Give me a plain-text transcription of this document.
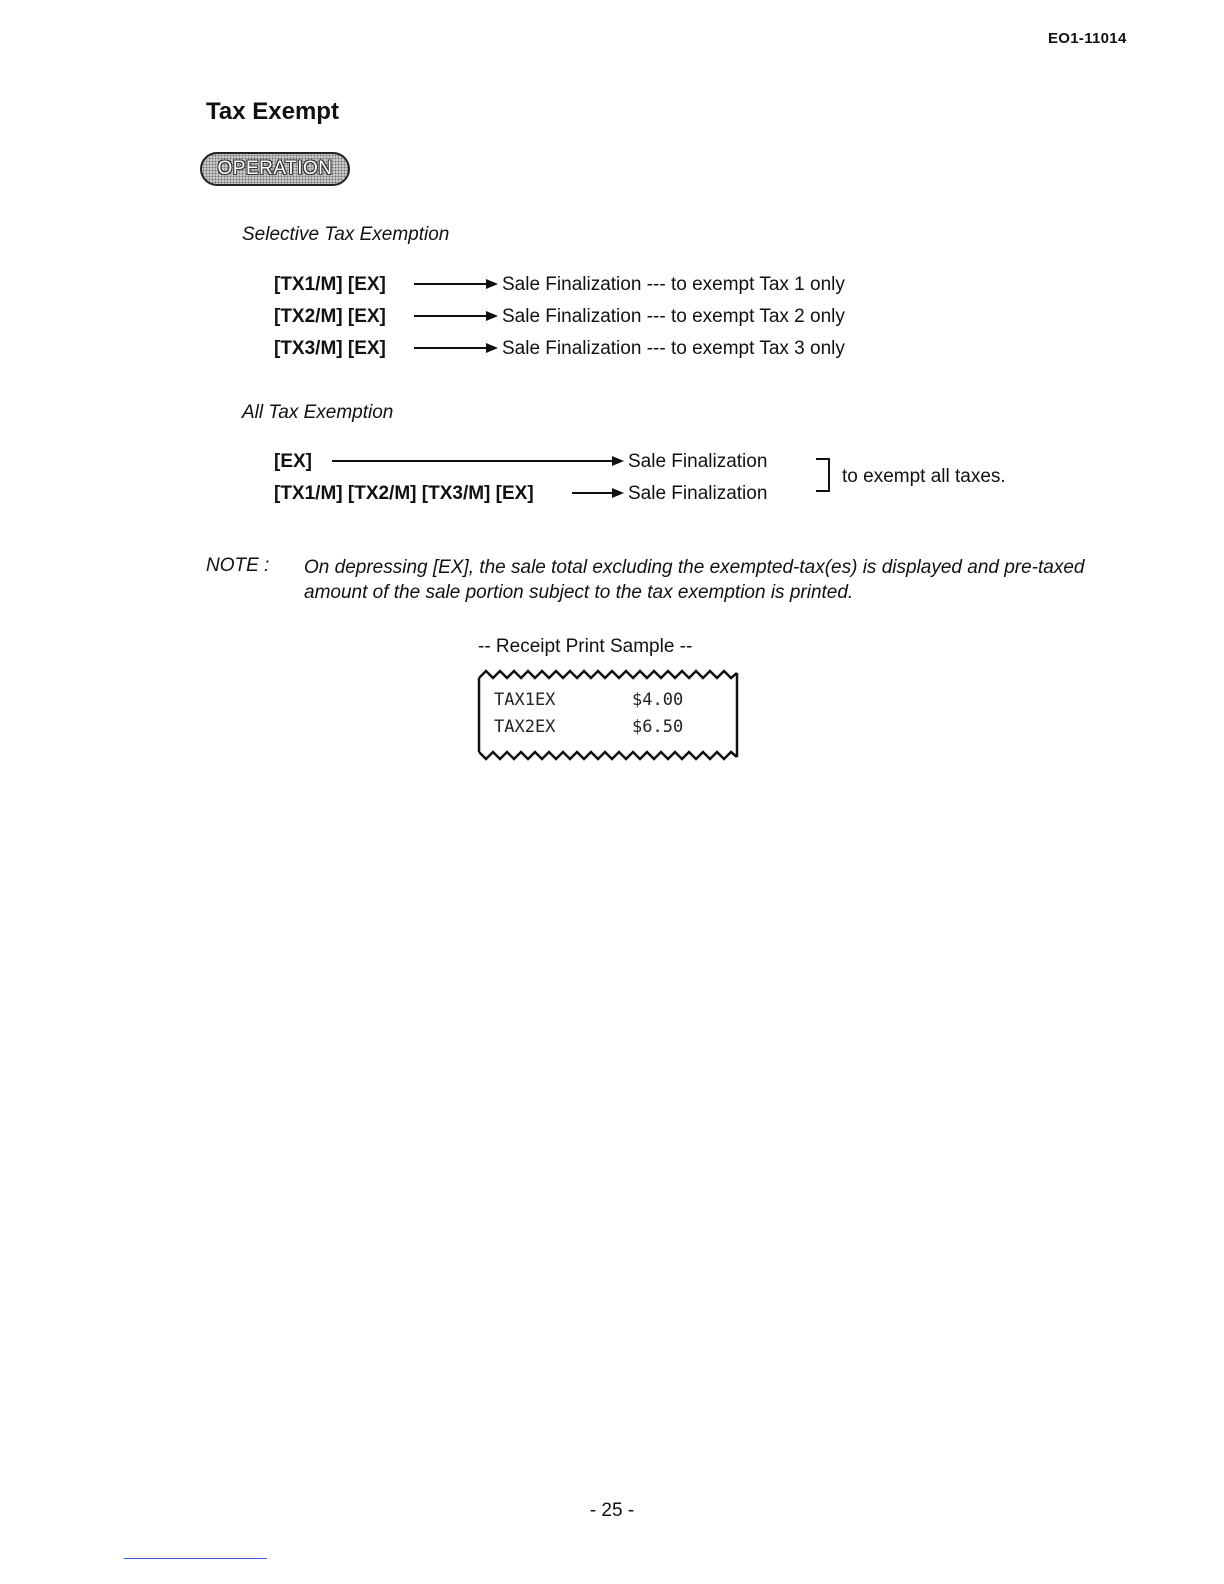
EO1-11014
Tax Exempt
OPERATION
Selective Tax Exemption
[TX1/M] [EX]	Sale Finalization --- to exempt Tax 1 only
[TX2/M] [EX]	Sale Finalization --- to exempt Tax 2 only
[TX3/M] [EX]	Sale Finalization --- to exempt Tax 3 only
All Tax Exemption
[EX]	Sale Finalization
[TX1/M] [TX2/M] [TX3/M] [EX]	Sale Finalization
to exempt all taxes.
NOTE : On depressing [EX], the sale total excluding the exempted-tax(es) is displayed and pre-taxed amount of the sale portion subject to the tax exemption is printed.
-- Receipt Print Sample --
TAX1EX	$4.00
TAX2EX	$6.50
- 25 -
